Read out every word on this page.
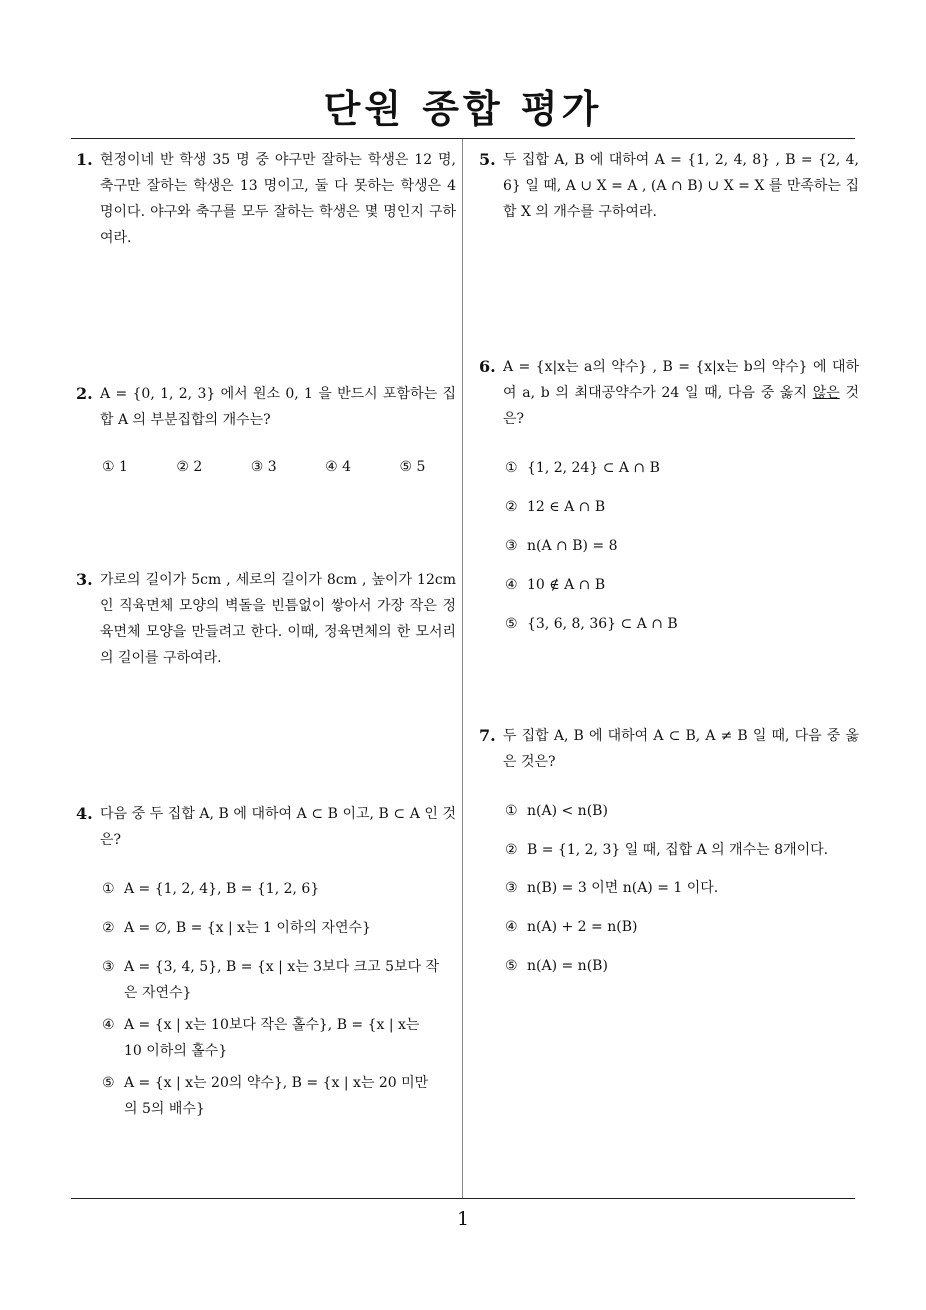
단원 종합 평가
1
1. 현정이네 반 학생 35 명 중 야구만 잘하는 학생은 12 명, 축구만 잘하는 학생은 13 명이고, 둘 다 못하는 학생은 4 명이다. 야구와 축구를 모두 잘하는 학생은 몇 명인지 구하여라.
2. A = {0, 1, 2, 3} 에서 원소 0, 1 을 반드시 포함하는 집합 A 의 부분집합의 개수는?
① 1	② 2	③ 3	④ 4	⑤ 5
3. 가로의 길이가 5cm , 세로의 길이가 8cm , 높이가 12cm 인 직육면체 모양의 벽돌을 빈틈없이 쌓아서 가장 작은 정육면체 모양을 만들려고 한다. 이때, 정육면체의 한 모서리의 길이를 구하여라.
4. 다음 중 두 집합 A, B 에 대하여 A ⊂ B 이고, B ⊂ A 인 것은?
① A = {1, 2, 4}, B = {1, 2, 6}
② A = ∅, B = {x | x는 1 이하의 자연수}
③ A = {3, 4, 5}, B = {x | x는 3보다 크고 5보다 작은 자연수}
④ A = {x | x는 10보다 작은 홀수}, B = {x | x는 10 이하의 홀수}
⑤ A = {x | x는 20의 약수}, B = {x | x는 20 미만의 5의 배수}
5. 두 집합 A, B 에 대하여 A = {1, 2, 4, 8} , B = {2, 4, 6} 일 때, A ∪ X = A , (A ∩ B) ∪ X = X 를 만족하는 집합 X 의 개수를 구하여라.
6. A = {x|x는 a의 약수} , B = {x|x는 b의 약수} 에 대하여 a, b 의 최대공약수가 24 일 때, 다음 중 옳지 않은 것은?
① {1, 2, 24} ⊂ A ∩ B
② 12 ∈ A ∩ B
③ n(A ∩ B) = 8
④ 10 ∉ A ∩ B
⑤ {3, 6, 8, 36} ⊂ A ∩ B
7. 두 집합 A, B 에 대하여 A ⊂ B, A ≠ B 일 때, 다음 중 옳은 것은?
① n(A) < n(B)
② B = {1, 2, 3} 일 때, 집합 A 의 개수는 8개이다.
③ n(B) = 3 이면 n(A) = 1 이다.
④ n(A) + 2 = n(B)
⑤ n(A) = n(B)
